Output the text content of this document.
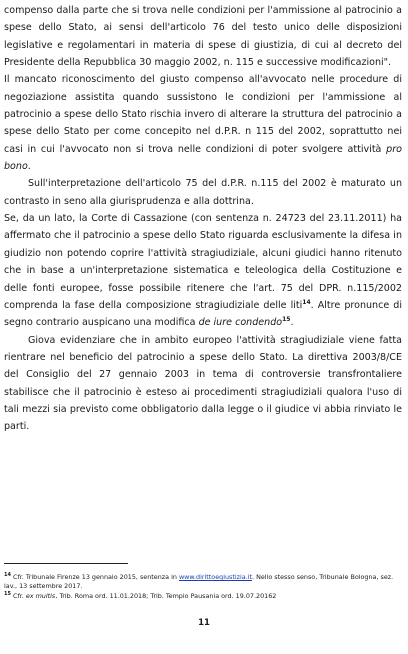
compenso dalla parte che si trova nelle condizioni per l'ammissione al patrocinio a spese dello Stato, ai sensi dell'articolo 76 del testo unico delle disposizioni legislative e regolamentari in materia di spese di giustizia, di cui al decreto del Presidente della Repubblica 30 maggio 2002, n. 115 e successive modificazioni".

Il mancato riconoscimento del giusto compenso all'avvocato nelle procedure di negoziazione assistita quando sussistono le condizioni per l'ammissione al patrocinio a spese dello Stato rischia invero di alterare la struttura del patrocinio a spese dello Stato per come concepito nel d.P.R. n 115 del 2002, soprattutto nei casi in cui l'avvocato non si trova nelle condizioni di poter svolgere attività pro bono.

Sull'interpretazione dell'articolo 75 del d.P.R. n.115 del 2002 è maturato un contrasto in seno alla giurisprudenza e alla dottrina.

Se, da un lato, la Corte di Cassazione (con sentenza n. 24723 del 23.11.2011) ha affermato che il patrocinio a spese dello Stato riguarda esclusivamente la difesa in giudizio non potendo coprire l'attività stragiudiziale, alcuni giudici hanno ritenuto che in base a un'interpretazione sistematica e teleologica della Costituzione e delle fonti europee, fosse possibile ritenere che l'art. 75 del DPR. n.115/2002 comprenda la fase della composizione stragiudiziale delle liti$^{14}$. Altre pronunce di segno contrario auspicano una modifica de iure condendo$^{15}$.

Giova evidenziare che in ambito europeo l'attività stragiudiziale viene fatta rientrare nel beneficio del patrocinio a spese dello Stato. La direttiva 2003/8/CE del Consiglio del 27 gennaio 2003 in tema di controversie transfrontaliere stabilisce che il patrocinio è esteso ai procedimenti stragiudiziali qualora l'uso di tali mezzi sia previsto come obbligatorio dalla legge o il giudice vi abbia rinviato le parti.

$^{14}$ Cfr. Tribunale Firenze 13 gennaio 2015, sentenza in www.dirittoegiustizia.it. Nello stesso senso, Tribunale Bologna, sez. lav., 13 settembre 2017.

$^{15}$ Cfr. ex multis, Trib. Roma ord. 11.01.2018; Trib. Tempio Pausania ord. 19.07.20162

11
